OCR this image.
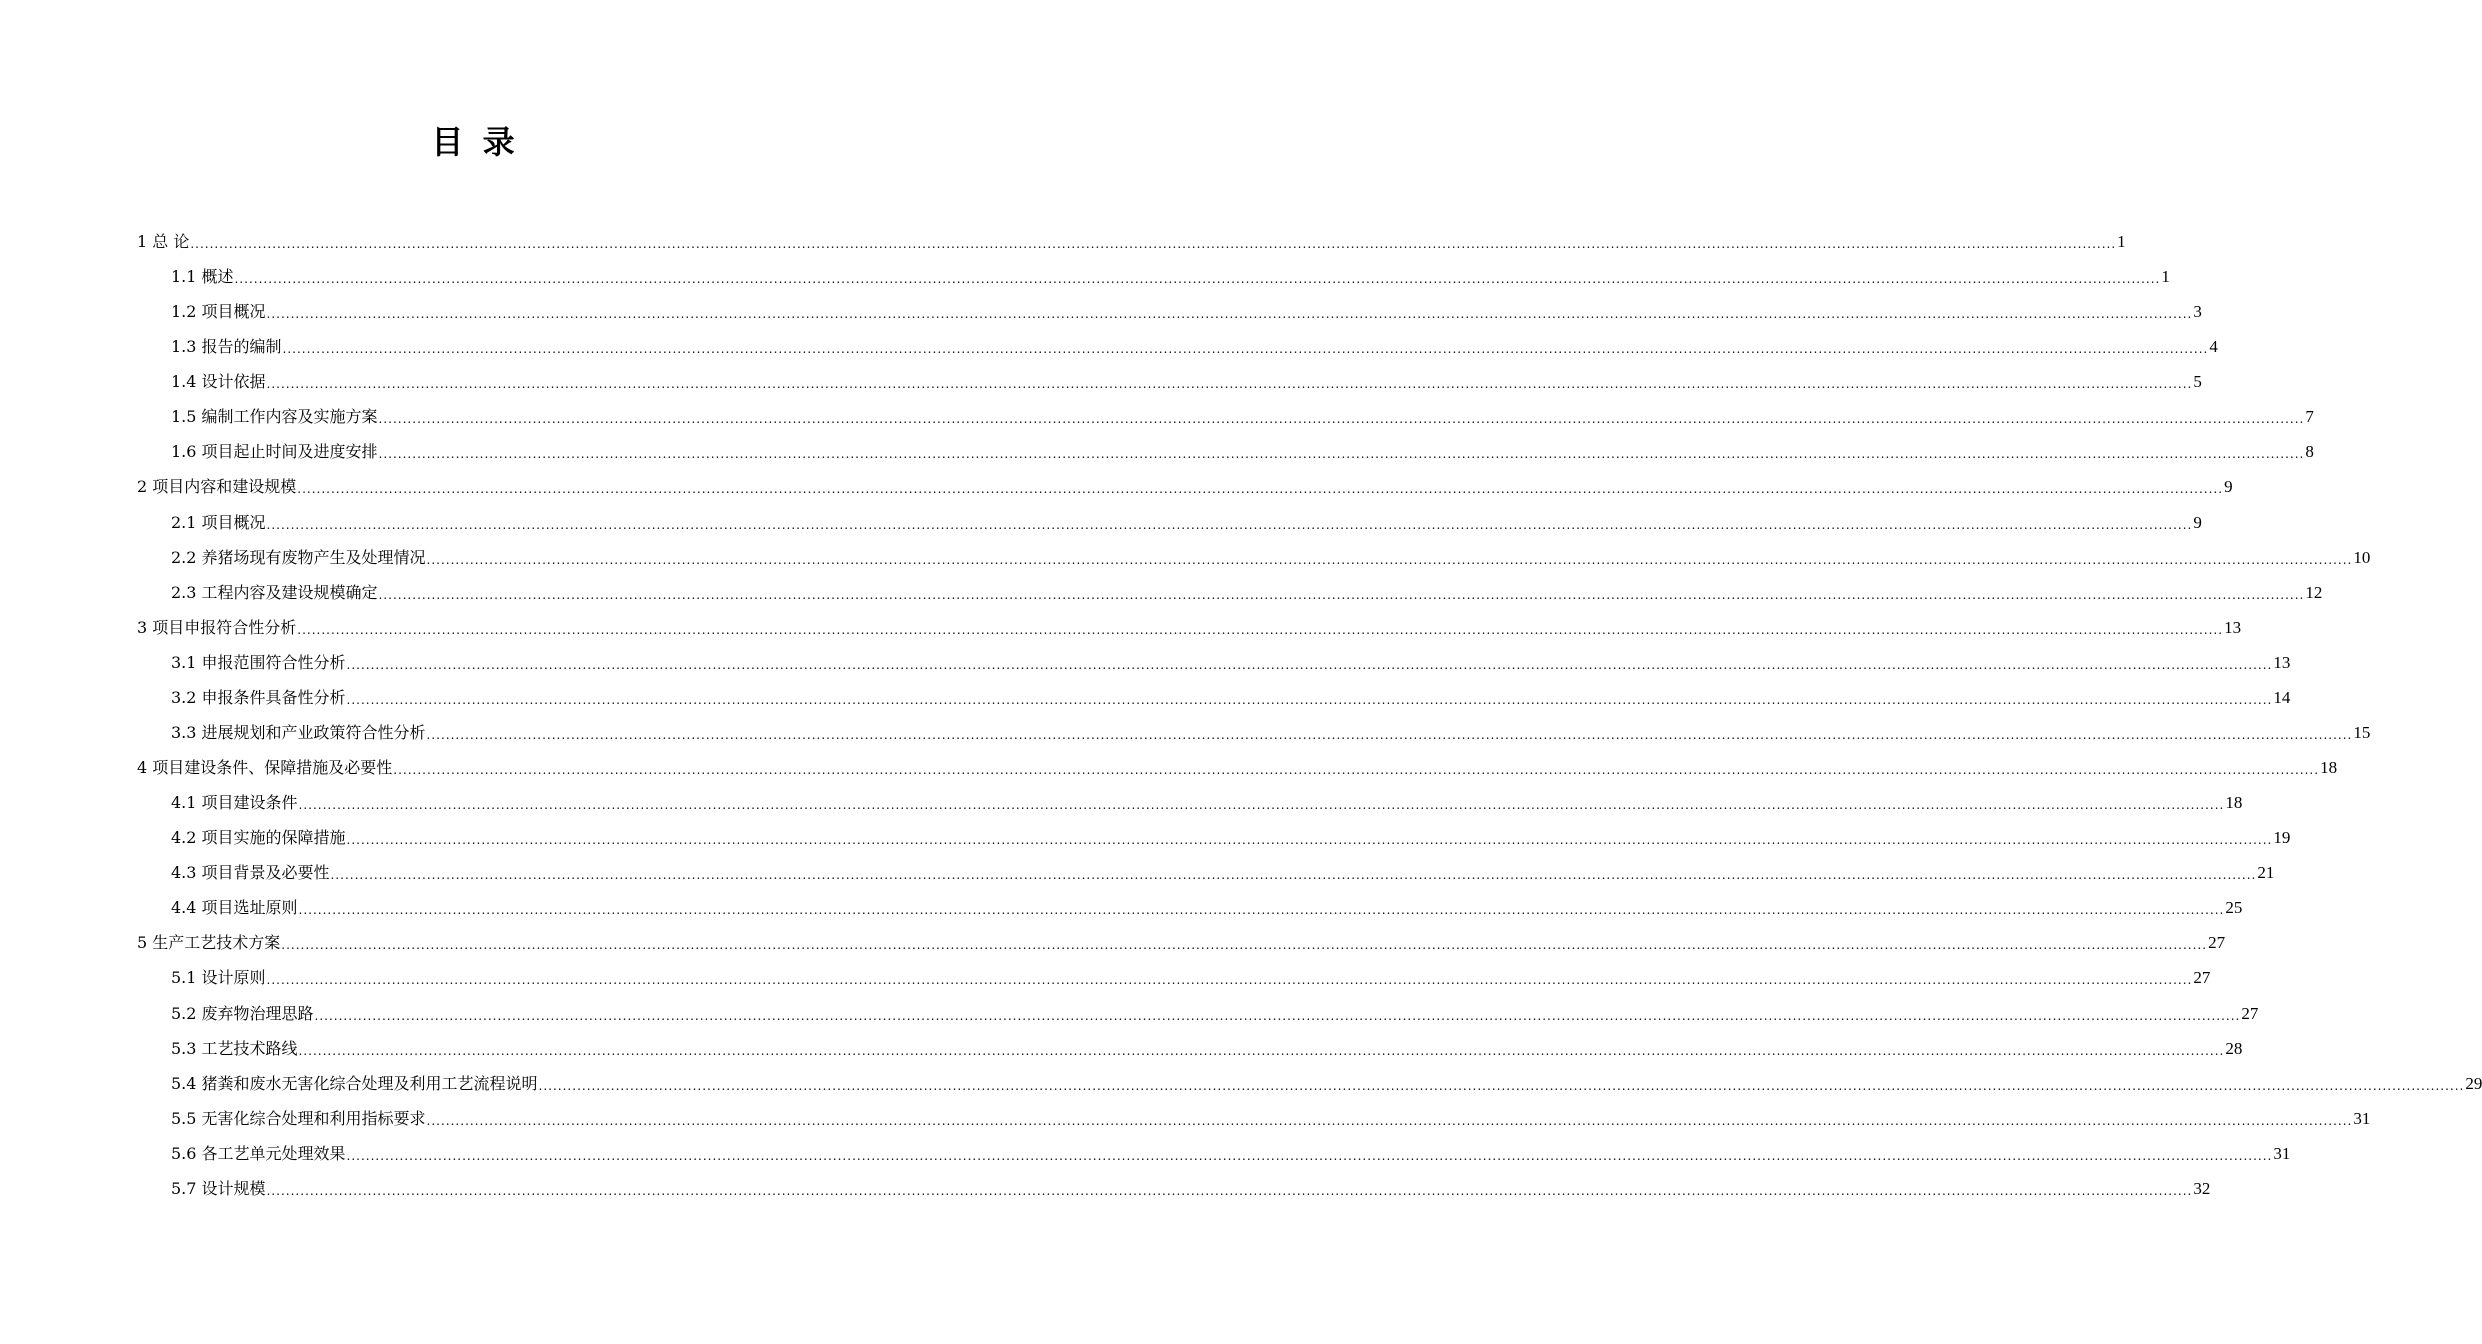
目 录
1 总 论 ................................................................................................................................................................................................................................................................................................................................................................................................................ 1
1.1 概述 ................................................................................................................................................................................................................................................................................................................................................................................................................ 1
1.2 项目概况 ................................................................................................................................................................................................................................................................................................................................................................................................................ 3
1.3 报告的编制 ................................................................................................................................................................................................................................................................................................................................................................................................................ 4
1.4 设计依据 ................................................................................................................................................................................................................................................................................................................................................................................................................ 5
1.5 编制工作内容及实施方案 ................................................................................................................................................................................................................................................................................................................................................................................................................ 7
1.6 项目起止时间及进度安排 ................................................................................................................................................................................................................................................................................................................................................................................................................ 8
2 项目内容和建设规模 ................................................................................................................................................................................................................................................................................................................................................................................................................ 9
2.1 项目概况 ................................................................................................................................................................................................................................................................................................................................................................................................................ 9
2.2 养猪场现有废物产生及处理情况 ................................................................................................................................................................................................................................................................................................................................................................................................................ 10
2.3 工程内容及建设规模确定 ................................................................................................................................................................................................................................................................................................................................................................................................................ 12
3 项目申报符合性分析 ................................................................................................................................................................................................................................................................................................................................................................................................................ 13
3.1 申报范围符合性分析 ................................................................................................................................................................................................................................................................................................................................................................................................................ 13
3.2 申报条件具备性分析 ................................................................................................................................................................................................................................................................................................................................................................................................................ 14
3.3 进展规划和产业政策符合性分析 ................................................................................................................................................................................................................................................................................................................................................................................................................ 15
4 项目建设条件、保障措施及必要性 ................................................................................................................................................................................................................................................................................................................................................................................................................ 18
4.1 项目建设条件 ................................................................................................................................................................................................................................................................................................................................................................................................................ 18
4.2 项目实施的保障措施 ................................................................................................................................................................................................................................................................................................................................................................................................................ 19
4.3 项目背景及必要性 ................................................................................................................................................................................................................................................................................................................................................................................................................ 21
4.4 项目选址原则 ................................................................................................................................................................................................................................................................................................................................................................................................................ 25
5 生产工艺技术方案 ................................................................................................................................................................................................................................................................................................................................................................................................................ 27
5.1 设计原则 ................................................................................................................................................................................................................................................................................................................................................................................................................ 27
5.2 废弃物治理思路 ................................................................................................................................................................................................................................................................................................................................................................................................................ 27
5.3 工艺技术路线 ................................................................................................................................................................................................................................................................................................................................................................................................................ 28
5.4 猪粪和废水无害化综合处理及利用工艺流程说明 ................................................................................................................................................................................................................................................................................................................................................................................................................ 29
5.5 无害化综合处理和利用指标要求 ................................................................................................................................................................................................................................................................................................................................................................................................................ 31
5.6 各工艺单元处理效果 ................................................................................................................................................................................................................................................................................................................................................................................................................ 31
5.7 设计规模 ................................................................................................................................................................................................................................................................................................................................................................................................................ 32
